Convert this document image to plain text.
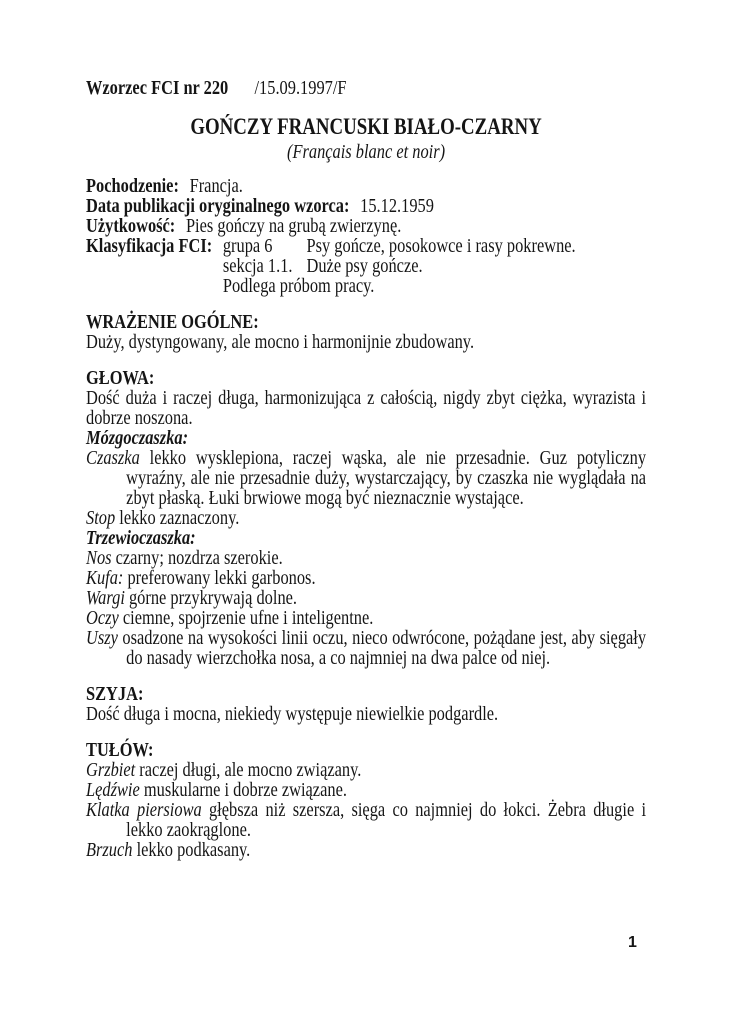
Wzorzec FCI nr 220 /15.09.1997/F
GOŃCZY FRANCUSKI BIAŁO-CZARNY
(Français blanc et noir)
Pochodzenie: Francja.
Data publikacji oryginalnego wzorca: 15.12.1959
Użytkowość: Pies gończy na grubą zwierzynę.
Klasyfikacja FCI: grupa 6	Psy gończe, posokowce i rasy pokrewne.
sekcja 1.1. Duże psy gończe.
Podlega próbom pracy.
WRAŻENIE OGÓLNE:
Duży, dystyngowany, ale mocno i harmonijnie zbudowany.
GŁOWA:
Dość duża i raczej długa, harmonizująca z całością, nigdy zbyt ciężka, wyrazista i dobrze noszona.
Mózgoczaszka:
Czaszka lekko wysklepiona, raczej wąska, ale nie przesadnie. Guz potyliczny wyraźny, ale nie przesadnie duży, wystarczający, by czaszka nie wyglądała na zbyt płaską. Łuki brwiowe mogą być nieznacznie wystające.
Stop lekko zaznaczony.
Trzewioczaszka:
Nos czarny; nozdrza szerokie.
Kufa: preferowany lekki garbonos.
Wargi górne przykrywają dolne.
Oczy ciemne, spojrzenie ufne i inteligentne.
Uszy osadzone na wysokości linii oczu, nieco odwrócone, pożądane jest, aby sięgały do nasady wierzchołka nosa, a co najmniej na dwa palce od niej.
SZYJA:
Dość długa i mocna, niekiedy występuje niewielkie podgardle.
TUŁÓW:
Grzbiet raczej długi, ale mocno związany.
Lędźwie muskularne i dobrze związane.
Klatka piersiowa głębsza niż szersza, sięga co najmniej do łokci. Żebra długie i lekko zaokrąglone.
Brzuch lekko podkasany.
1
